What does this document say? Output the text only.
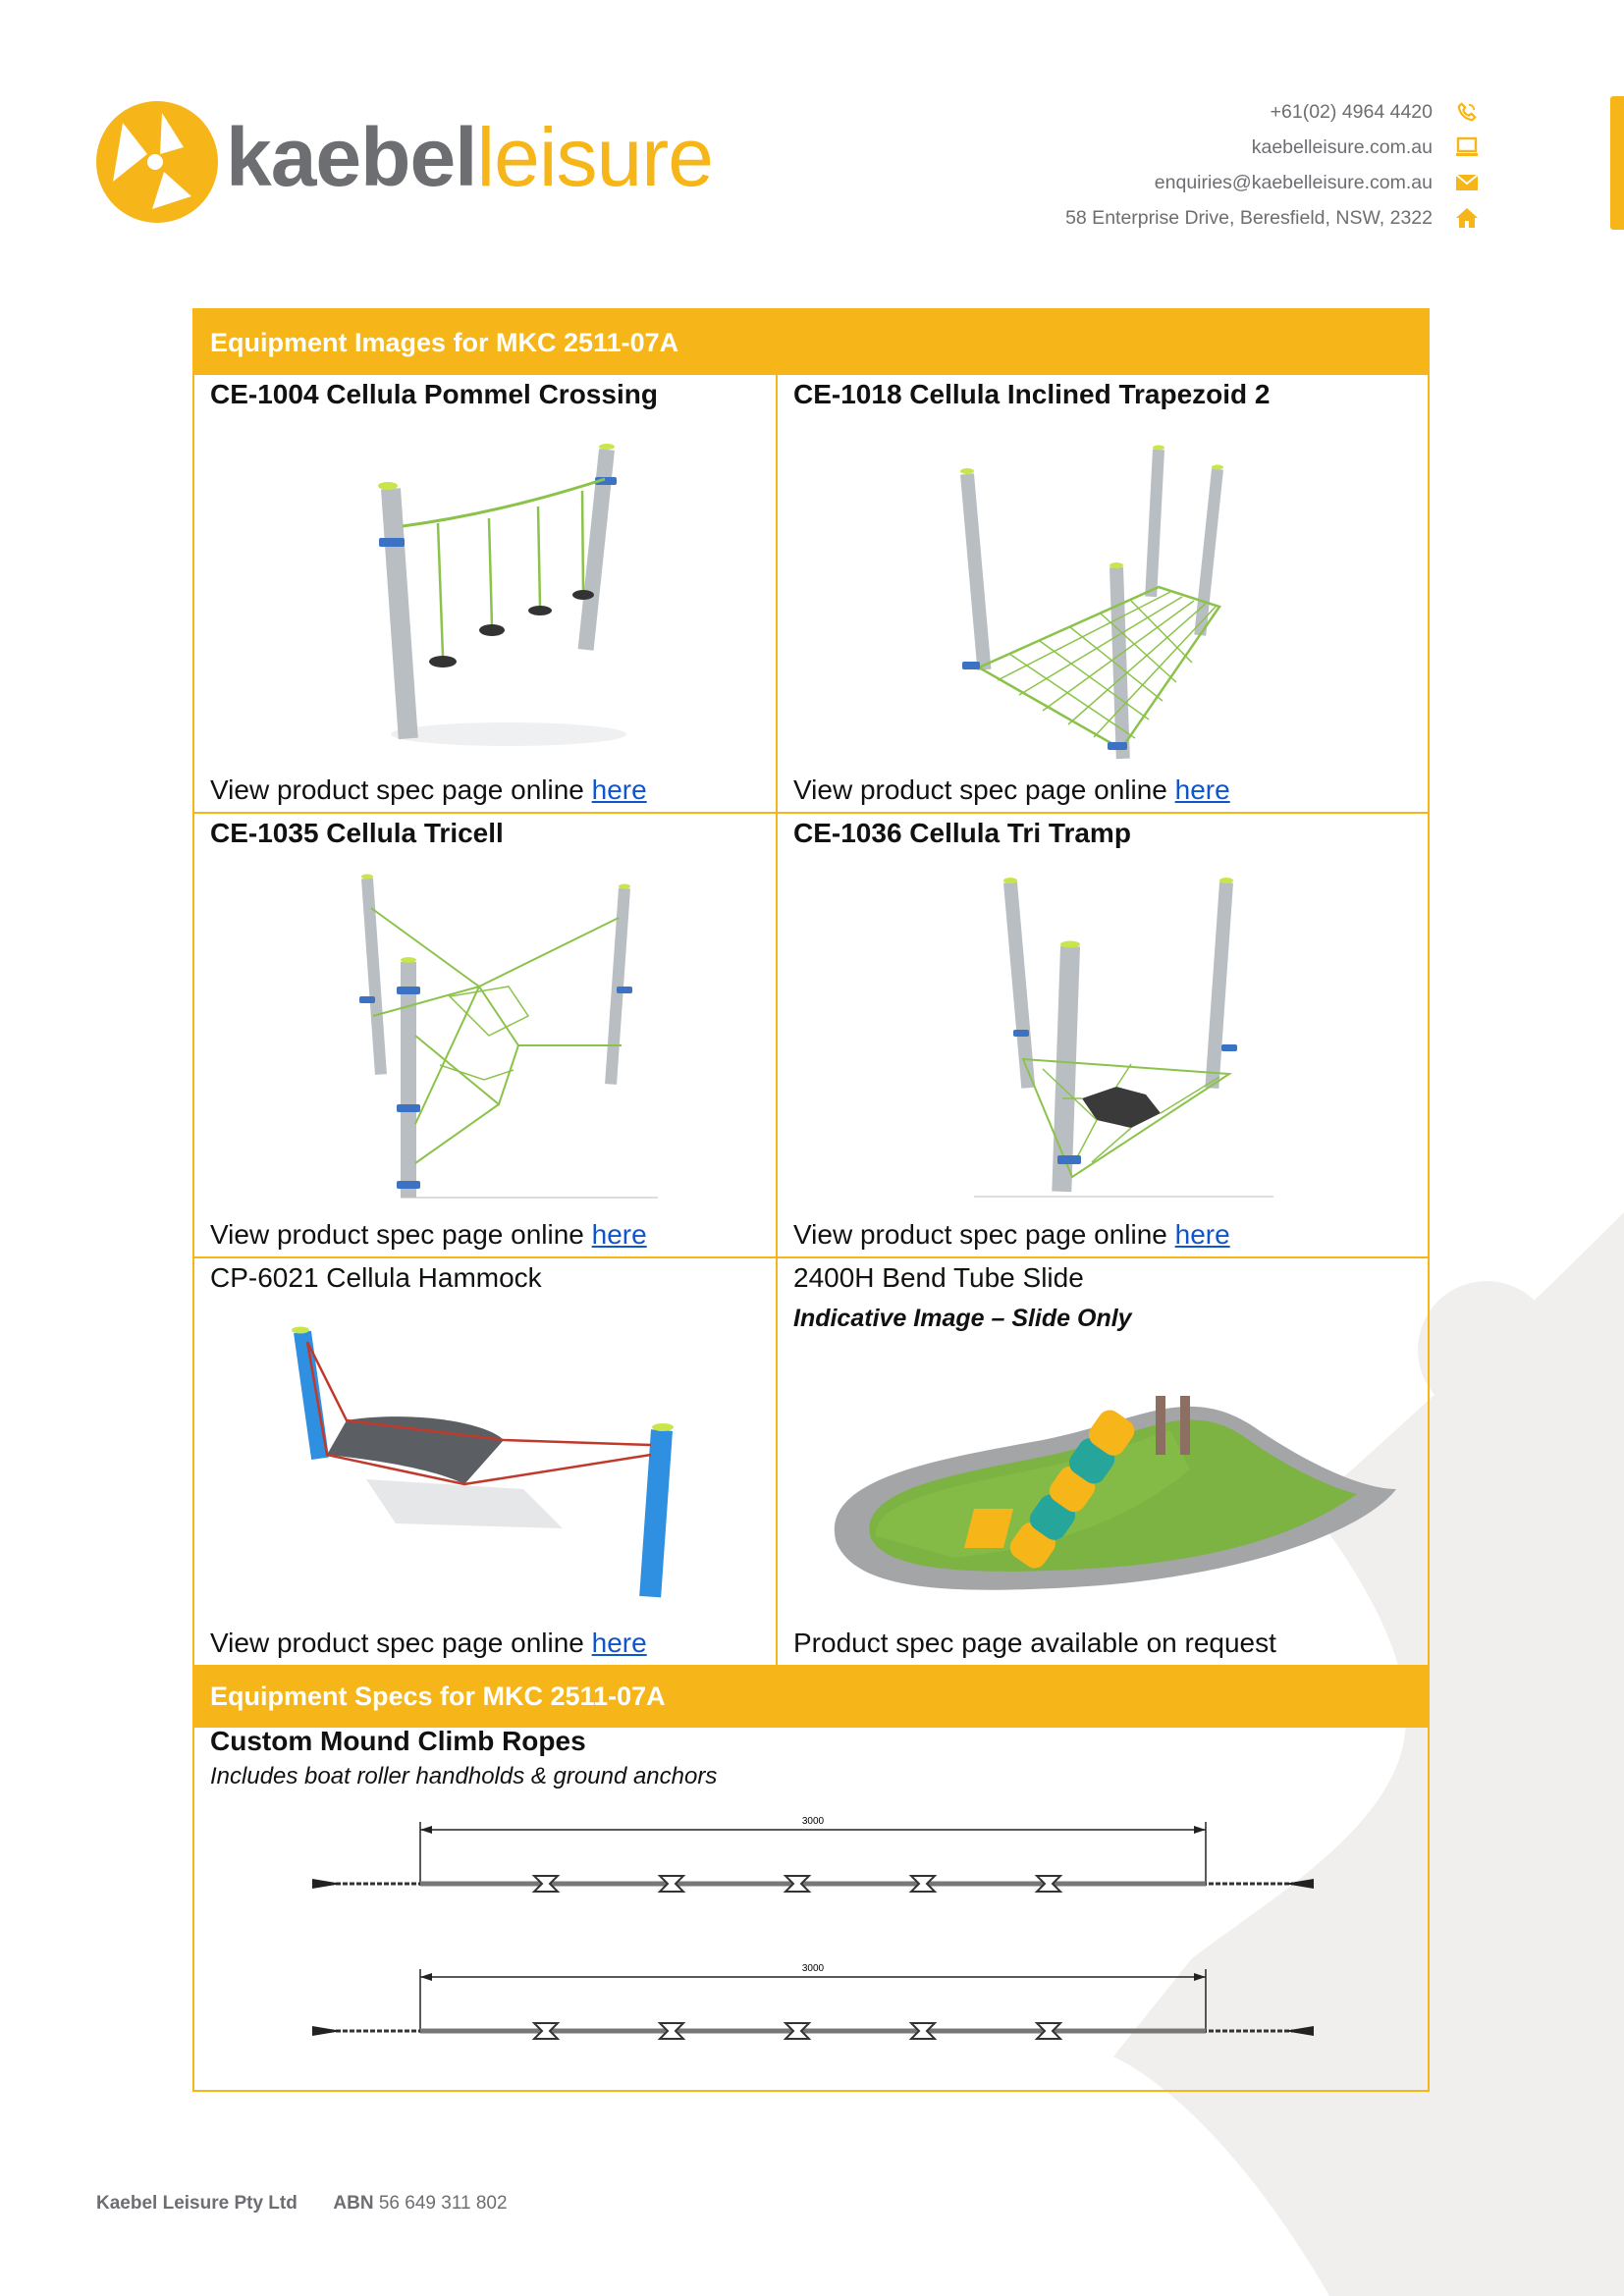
kaebelleisure	+61(02) 4964 4420
kaebelleisure.com.au
enquiries@kaebelleisure.com.au
58 Enterprise Drive, Beresfield, NSW, 2322
Equipment Images for MKC 2511-07A
CE-1004 Cellula Pommel Crossing
View product spec page online here
CE-1018 Cellula Inclined Trapezoid 2
View product spec page online here
CE-1035 Cellula Tricell
View product spec page online here
CE-1036 Cellula Tri Tramp
View product spec page online here
CP-6021 Cellula Hammock
View product spec page online here
2400H Bend Tube Slide
Indicative Image – Slide Only
Product spec page available on request
Equipment Specs for MKC 2511-07A
Custom Mound Climb Ropes
Includes boat roller handholds & ground anchors
3000
3000
Kaebel Leisure Pty Ltd ABN 56 649 311 802
